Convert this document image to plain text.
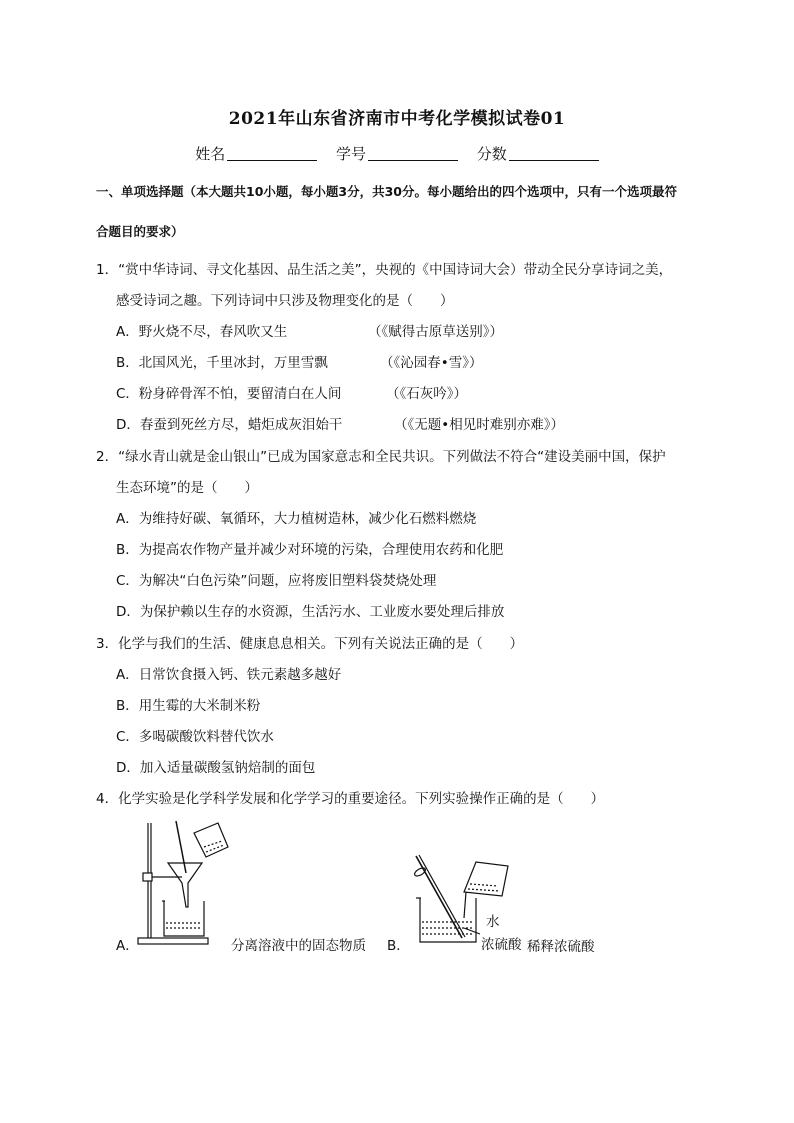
2021年山东省济南市中考化学模拟试卷01
姓名	学号	分数
一、单项选择题（本大题共10小题，每小题3分，共30分。每小题给出的四个选项中，只有一个选项最符
合题目的要求）
1．“赏中华诗词、寻文化基因、品生活之美”，央视的《中国诗词大会）带动全民分享诗词之美，
感受诗词之趣。下列诗词中只涉及物理变化的是（　　）
A．野火烧不尽，春风吹又生	（《赋得古原草送别》）
B．北国风光，千里冰封，万里雪飘	（《沁园春•雪》）
C．粉身碎骨浑不怕，要留清白在人间	（《石灰吟》）
D．春蚕到死丝方尽，蜡炬成灰泪始干	（《无题•相见时难别亦难》）
2．“绿水青山就是金山银山”已成为国家意志和全民共识。下列做法不符合“建设美丽中国，保护
生态环境”的是（　　）
A．为维持好碳、氧循环，大力植树造林，减少化石燃料燃烧
B．为提高农作物产量并减少对环境的污染，合理使用农药和化肥
C．为解决“白色污染”问题，应将废旧塑料袋焚烧处理
D．为保护赖以生存的水资源，生活污水、工业废水要处理后排放
3．化学与我们的生活、健康息息相关。下列有关说法正确的是（　　）
A．日常饮食摄入钙、铁元素越多越好
B．用生霉的大米制米粉
C．多喝碳酸饮料替代饮水
D．加入适量碳酸氢钠焙制的面包
4．化学实验是化学科学发展和化学学习的重要途径。下列实验操作正确的是（　　）
A．	分离溶液中的固态物质 B．
水
浓硫酸 稀释浓硫酸
